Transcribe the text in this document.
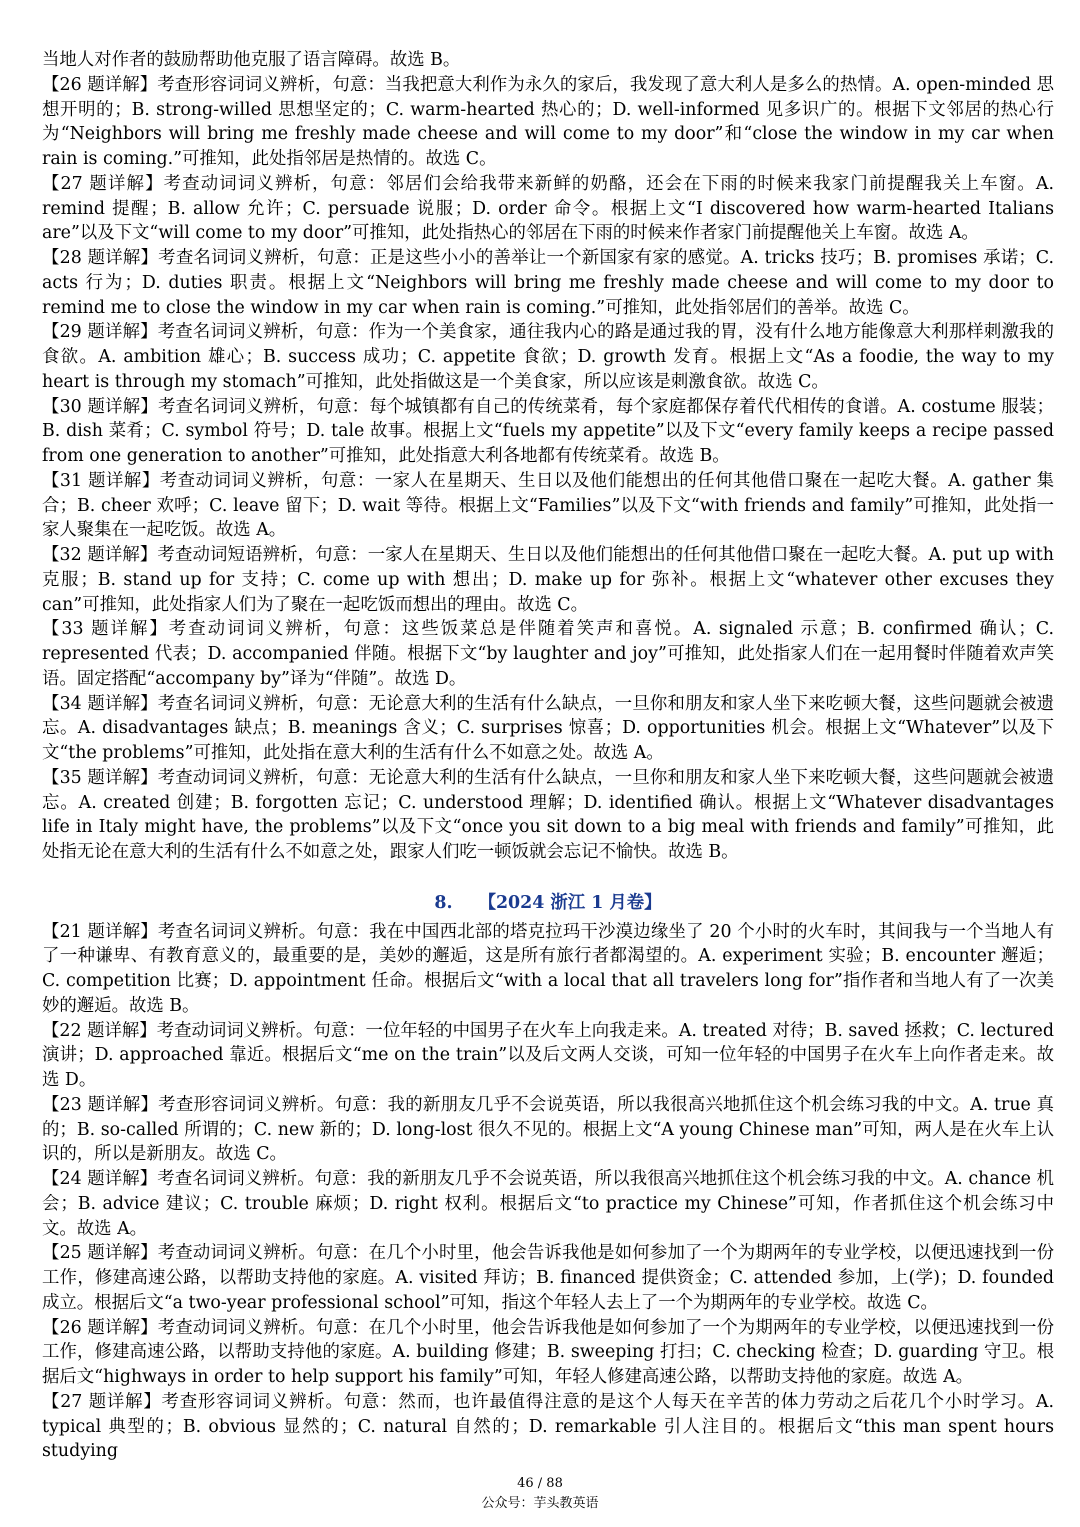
当地人对作者的鼓励帮助他克服了语言障碍。故选 B。

【26 题详解】考查形容词词义辨析，句意：当我把意大利作为永久的家后，我发现了意大利人是多么的热情。A. open-minded 思想开明的；B. strong-willed 思想坚定的；C. warm-hearted 热心的；D. well-informed 见多识广的。根据下文邻居的热心行为“Neighbors will bring me freshly made cheese and will come to my door”和“close the window in my car when rain is coming.”可推知，此处指邻居是热情的。故选 C。

【27 题详解】考查动词词义辨析，句意：邻居们会给我带来新鲜的奶酪，还会在下雨的时候来我家门前提醒我关上车窗。A. remind 提醒；B. allow 允许；C. persuade 说服；D. order 命令。根据上文“I discovered how warm-hearted Italians are”以及下文“will come to my door”可推知，此处指热心的邻居在下雨的时候来作者家门前提醒他关上车窗。故选 A。

【28 题详解】考查名词词义辨析，句意：正是这些小小的善举让一个新国家有家的感觉。A. tricks 技巧；B. promises 承诺；C. acts 行为；D. duties 职责。根据上文“Neighbors will bring me freshly made cheese and will come to my door to remind me to close the window in my car when rain is coming.”可推知，此处指邻居们的善举。故选 C。

【29 题详解】考查名词词义辨析，句意：作为一个美食家，通往我内心的路是通过我的胃，没有什么地方能像意大利那样刺激我的食欲。A. ambition 雄心；B. success 成功；C. appetite 食欲；D. growth 发育。根据上文“As a foodie, the way to my heart is through my stomach”可推知，此处指做这是一个美食家，所以应该是刺激食欲。故选 C。

【30 题详解】考查名词词义辨析，句意：每个城镇都有自己的传统菜肴，每个家庭都保存着代代相传的食谱。A. costume 服装；B. dish 菜肴；C. symbol 符号；D. tale 故事。根据上文“fuels my appetite”以及下文“every family keeps a recipe passed from one generation to another”可推知，此处指意大利各地都有传统菜肴。故选 B。

【31 题详解】考查动词词义辨析，句意：一家人在星期天、生日以及他们能想出的任何其他借口聚在一起吃大餐。A. gather 集合；B. cheer 欢呼；C. leave 留下；D. wait 等待。根据上文“Families”以及下文“with friends and family”可推知，此处指一家人聚集在一起吃饭。故选 A。

【32 题详解】考查动词短语辨析，句意：一家人在星期天、生日以及他们能想出的任何其他借口聚在一起吃大餐。A. put up with 克服；B. stand up for 支持；C. come up with 想出；D. make up for 弥补。根据上文“whatever other excuses they can”可推知，此处指家人们为了聚在一起吃饭而想出的理由。故选 C。

【33 题详解】考查动词词义辨析，句意：这些饭菜总是伴随着笑声和喜悦。A. signaled 示意；B. confirmed 确认；C. represented 代表；D. accompanied 伴随。根据下文“by laughter and joy”可推知，此处指家人们在一起用餐时伴随着欢声笑语。固定搭配“accompany by”译为“伴随”。故选 D。

【34 题详解】考查名词词义辨析，句意：无论意大利的生活有什么缺点，一旦你和朋友和家人坐下来吃顿大餐，这些问题就会被遗忘。A. disadvantages 缺点；B. meanings 含义；C. surprises 惊喜；D. opportunities 机会。根据上文“Whatever”以及下文“the problems”可推知，此处指在意大利的生活有什么不如意之处。故选 A。

【35 题详解】考查动词词义辨析，句意：无论意大利的生活有什么缺点，一旦你和朋友和家人坐下来吃顿大餐，这些问题就会被遗忘。A. created 创建；B. forgotten 忘记；C. understood 理解；D. identified 确认。根据上文“Whatever disadvantages life in Italy might have, the problems”以及下文“once you sit down to a big meal with friends and family”可推知，此处指无论在意大利的生活有什么不如意之处，跟家人们吃一顿饭就会忘记不愉快。故选 B。

8. 【2024 浙江 1 月卷】

【21 题详解】考查名词词义辨析。句意：我在中国西北部的塔克拉玛干沙漠边缘坐了 20 个小时的火车时，其间我与一个当地人有了一种谦卑、有教育意义的，最重要的是，美妙的邂逅，这是所有旅行者都渴望的。A. experiment 实验；B. encounter 邂逅；C. competition 比赛；D. appointment 任命。根据后文“with a local that all travelers long for”指作者和当地人有了一次美妙的邂逅。故选 B。

【22 题详解】考查动词词义辨析。句意：一位年轻的中国男子在火车上向我走来。A. treated 对待；B. saved 拯救；C. lectured 演讲；D. approached 靠近。根据后文“me on the train”以及后文两人交谈，可知一位年轻的中国男子在火车上向作者走来。故选 D。

【23 题详解】考查形容词词义辨析。句意：我的新朋友几乎不会说英语，所以我很高兴地抓住这个机会练习我的中文。A. true 真的；B. so-called 所谓的；C. new 新的；D. long-lost 很久不见的。根据上文“A young Chinese man”可知，两人是在火车上认识的，所以是新朋友。故选 C。

【24 题详解】考查名词词义辨析。句意：我的新朋友几乎不会说英语，所以我很高兴地抓住这个机会练习我的中文。A. chance 机会；B. advice 建议；C. trouble 麻烦；D. right 权利。根据后文“to practice my Chinese”可知，作者抓住这个机会练习中文。故选 A。

【25 题详解】考查动词词义辨析。句意：在几个小时里，他会告诉我他是如何参加了一个为期两年的专业学校，以便迅速找到一份工作，修建高速公路，以帮助支持他的家庭。A. visited 拜访；B. financed 提供资金；C. attended 参加，上(学)；D. founded 成立。根据后文“a two-year professional school”可知，指这个年轻人去上了一个为期两年的专业学校。故选 C。

【26 题详解】考查动词词义辨析。句意：在几个小时里，他会告诉我他是如何参加了一个为期两年的专业学校，以便迅速找到一份工作，修建高速公路，以帮助支持他的家庭。A. building 修建；B. sweeping 打扫；C. checking 检查；D. guarding 守卫。根据后文“highways in order to help support his family”可知，年轻人修建高速公路，以帮助支持他的家庭。故选 A。

【27 题详解】考查形容词词义辨析。句意：然而，也许最值得注意的是这个人每天在辛苦的体力劳动之后花几个小时学习。A. typical 典型的；B. obvious 显然的；C. natural 自然的；D. remarkable 引人注目的。根据后文“this man spent hours studying

46 / 88
公众号：芋头教英语
